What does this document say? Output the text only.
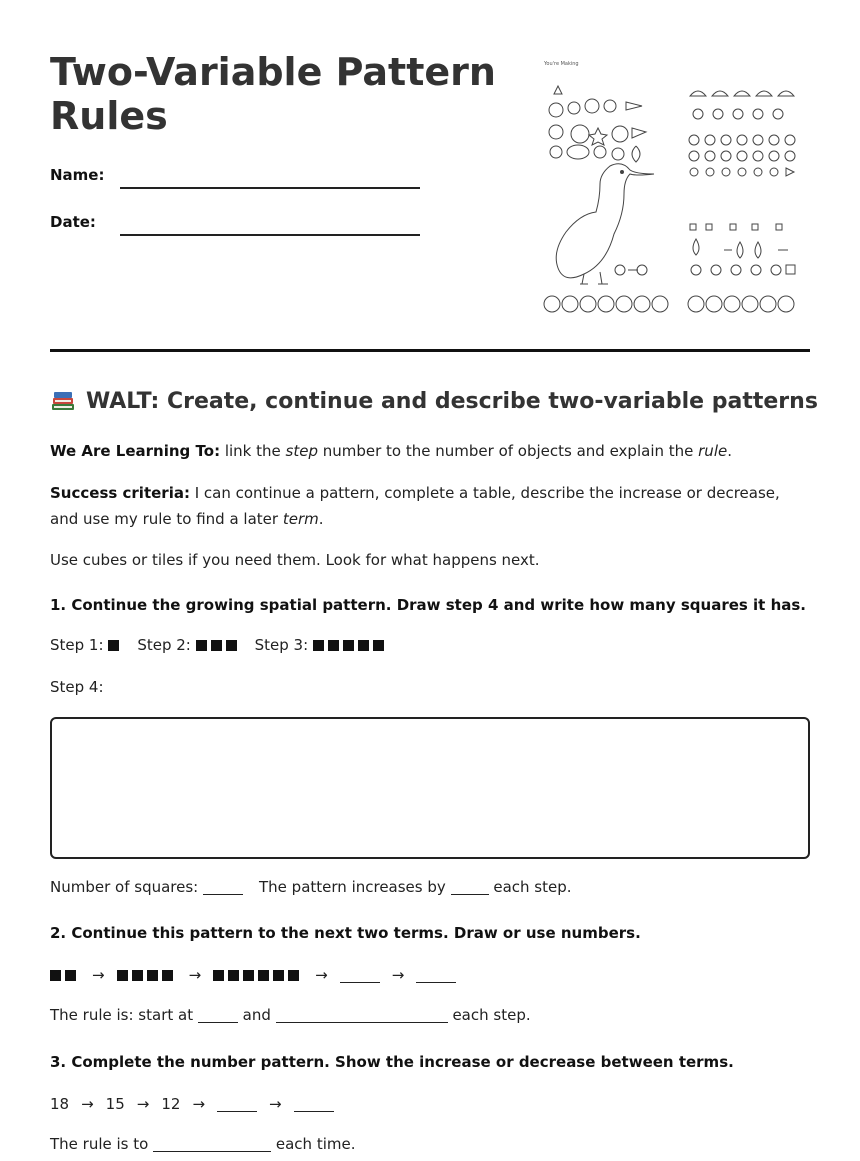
Two-Variable Pattern Rules
Name:
Date:
You're Making
WALT: Create, continue and describe two-variable patterns

We Are Learning To: link the step number to the number of objects and explain the rule.

Success criteria: I can continue a pattern, complete a table, describe the increase or decrease, and use my rule to find a later term.

Use cubes or tiles if you need them. Look for what happens next.

1. Continue the growing spatial pattern. Draw step 4 and write how many squares it has.

Step 1:
Step 2:
	Step 3:

Step 4:
Number of squares:
	The pattern increases by

	each step.

2. Continue this pattern to the next two terms. Draw or use numbers.

→	→	→	→
The rule is: start at

	and

	each step.

3. Complete the number pattern. Show the increase or decrease between terms.

18 → 15 → 12 →	→
The rule is to

	each time.
